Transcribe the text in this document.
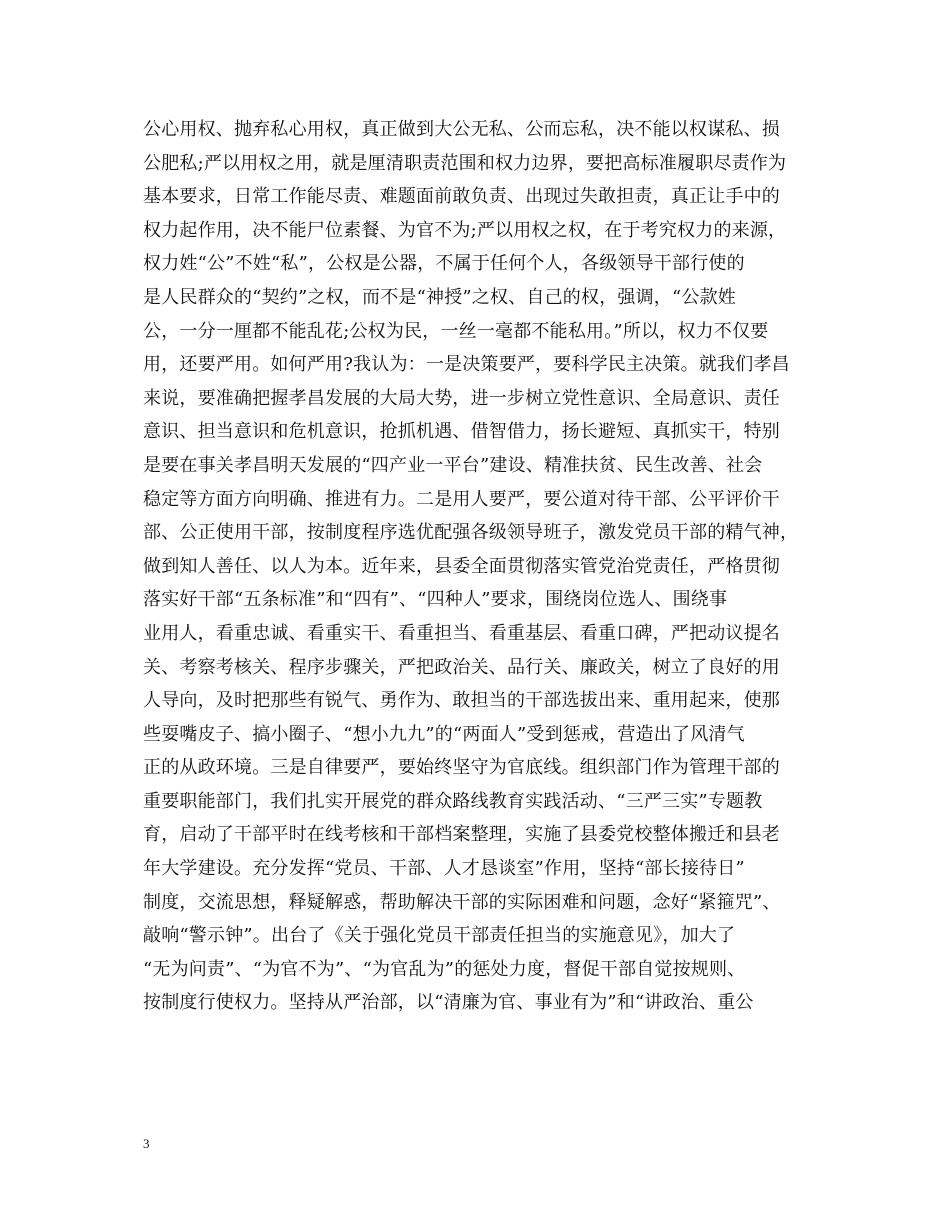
公心用权、抛弃私心用权，真正做到大公无私、公而忘私，决不能以权谋私、损
公肥私;严以用权之用，就是厘清职责范围和权力边界，要把高标准履职尽责作为
基本要求，日常工作能尽责、难题面前敢负责、出现过失敢担责，真正让手中的
权力起作用，决不能尸位素餐、为官不为;严以用权之权，在于考究权力的来源，
权力姓“公”不姓“私”，公权是公器，不属于任何个人，各级领导干部行使的
是人民群众的“契约”之权，而不是“神授”之权、自己的权，强调，“公款姓
公，一分一厘都不能乱花;公权为民，一丝一毫都不能私用。”所以，权力不仅要
用，还要严用。如何严用?我认为：一是决策要严，要科学民主决策。就我们孝昌
来说，要准确把握孝昌发展的大局大势，进一步树立党性意识、全局意识、责任
意识、担当意识和危机意识，抢抓机遇、借智借力，扬长避短、真抓实干，特别
是要在事关孝昌明天发展的“四产业一平台”建设、精准扶贫、民生改善、社会
稳定等方面方向明确、推进有力。二是用人要严，要公道对待干部、公平评价干
部、公正使用干部，按制度程序选优配强各级领导班子，激发党员干部的精气神，
做到知人善任、以人为本。近年来，县委全面贯彻落实管党治党责任，严格贯彻
落实好干部“五条标准”和“四有”、“四种人”要求，围绕岗位选人、围绕事
业用人，看重忠诚、看重实干、看重担当、看重基层、看重口碑，严把动议提名
关、考察考核关、程序步骤关，严把政治关、品行关、廉政关，树立了良好的用
人导向，及时把那些有锐气、勇作为、敢担当的干部选拔出来、重用起来，使那
些耍嘴皮子、搞小圈子、“想小九九”的“两面人”受到惩戒，营造出了风清气
正的从政环境。三是自律要严，要始终坚守为官底线。组织部门作为管理干部的
重要职能部门，我们扎实开展党的群众路线教育实践活动、“三严三实”专题教
育，启动了干部平时在线考核和干部档案整理，实施了县委党校整体搬迁和县老
年大学建设。充分发挥“党员、干部、人才恳谈室”作用，坚持“部长接待日”
制度，交流思想，释疑解惑，帮助解决干部的实际困难和问题，念好“紧箍咒”、
敲响“警示钟”。出台了《关于强化党员干部责任担当的实施意见》，加大了
“无为问责”、“为官不为”、“为官乱为”的惩处力度，督促干部自觉按规则、
按制度行使权力。坚持从严治部，以“清廉为官、事业有为”和“讲政治、重公
3
